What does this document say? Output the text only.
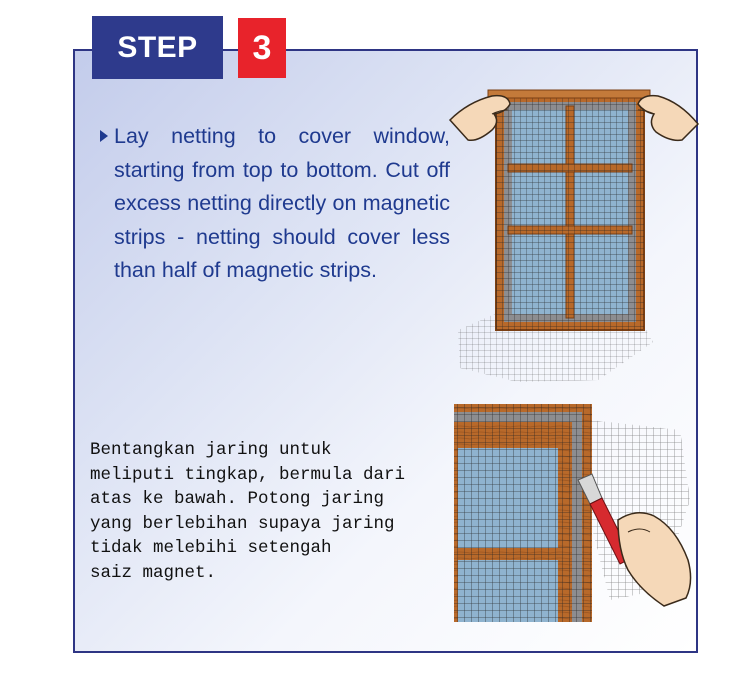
STEP 3
Lay netting to cover window, starting from top to bottom. Cut off excess netting directly on magnetic strips - netting should cover less than half of magnetic strips.
Bentangkan jaring untuk
meliputi tingkap, bermula dari
atas ke bawah. Potong jaring
yang berlebihan supaya jaring
tidak melebihi setengah
saiz magnet.
